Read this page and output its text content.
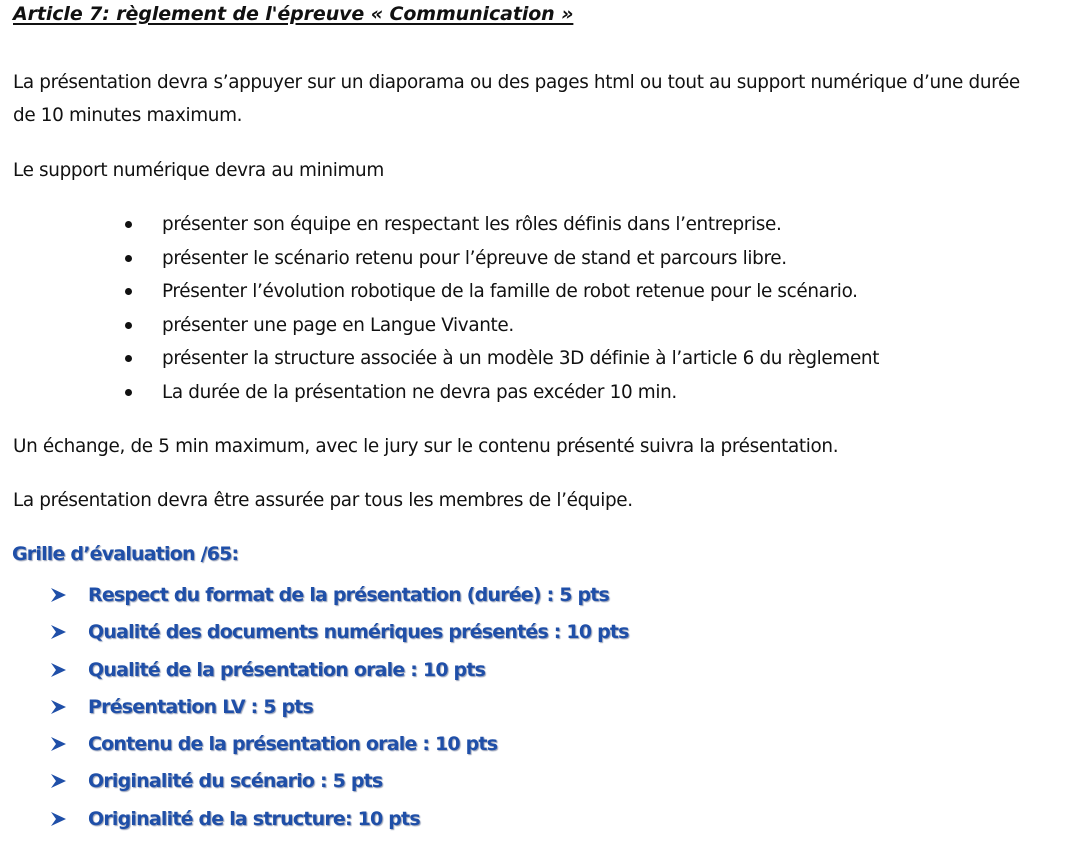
Article 7: règlement de l'épreuve « Communication »
La présentation devra s’appuyer sur un diaporama ou des pages html ou tout au support numérique d’une durée
de 10 minutes maximum.
Le support numérique devra au minimum
présenter son équipe en respectant les rôles définis dans l’entreprise.
présenter le scénario retenu pour l’épreuve de stand et parcours libre.
Présenter l’évolution robotique de la famille de robot retenue pour le scénario.
présenter une page en Langue Vivante.
présenter la structure associée à un modèle 3D définie à l’article 6 du règlement
La durée de la présentation ne devra pas excéder 10 min.
Un échange, de 5 min maximum, avec le jury sur le contenu présenté suivra la présentation.
La présentation devra être assurée par tous les membres de l’équipe.
Grille d’évaluation /65:
Respect du format de la présentation (durée) : 5 pts
Qualité des documents numériques présentés : 10 pts
Qualité de la présentation orale : 10 pts
Présentation LV : 5 pts
Contenu de la présentation orale : 10 pts
Originalité du scénario : 5 pts
Originalité de la structure: 10 pts
